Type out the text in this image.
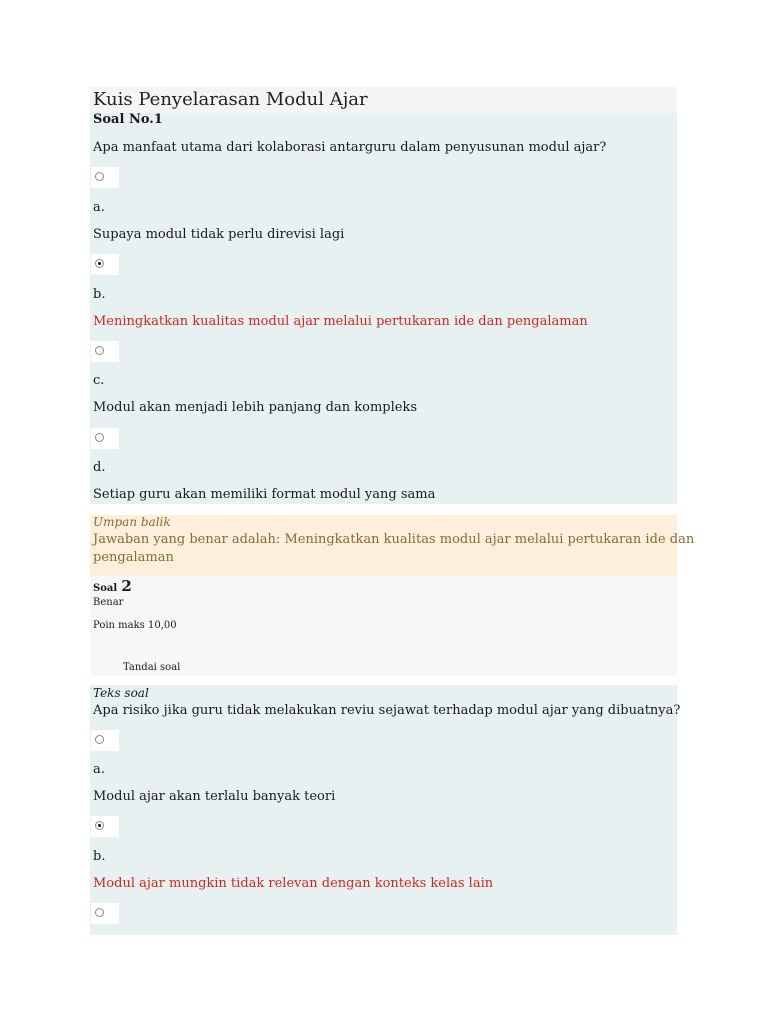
Kuis Penyelarasan Modul Ajar
Soal No.1
Apa manfaat utama dari kolaborasi antarguru dalam penyusunan modul ajar?
a.
Supaya modul tidak perlu direvisi lagi
b.
Meningkatkan kualitas modul ajar melalui pertukaran ide dan pengalaman
c.
Modul akan menjadi lebih panjang dan kompleks
d.
Setiap guru akan memiliki format modul yang sama
Umpan balik
Jawaban yang benar adalah: Meningkatkan kualitas modul ajar melalui pertukaran ide dan
pengalaman
Soal 2
Benar
Poin maks 10,00
Tandai soal
Teks soal
Apa risiko jika guru tidak melakukan reviu sejawat terhadap modul ajar yang dibuatnya?
a.
Modul ajar akan terlalu banyak teori
b.
Modul ajar mungkin tidak relevan dengan konteks kelas lain
